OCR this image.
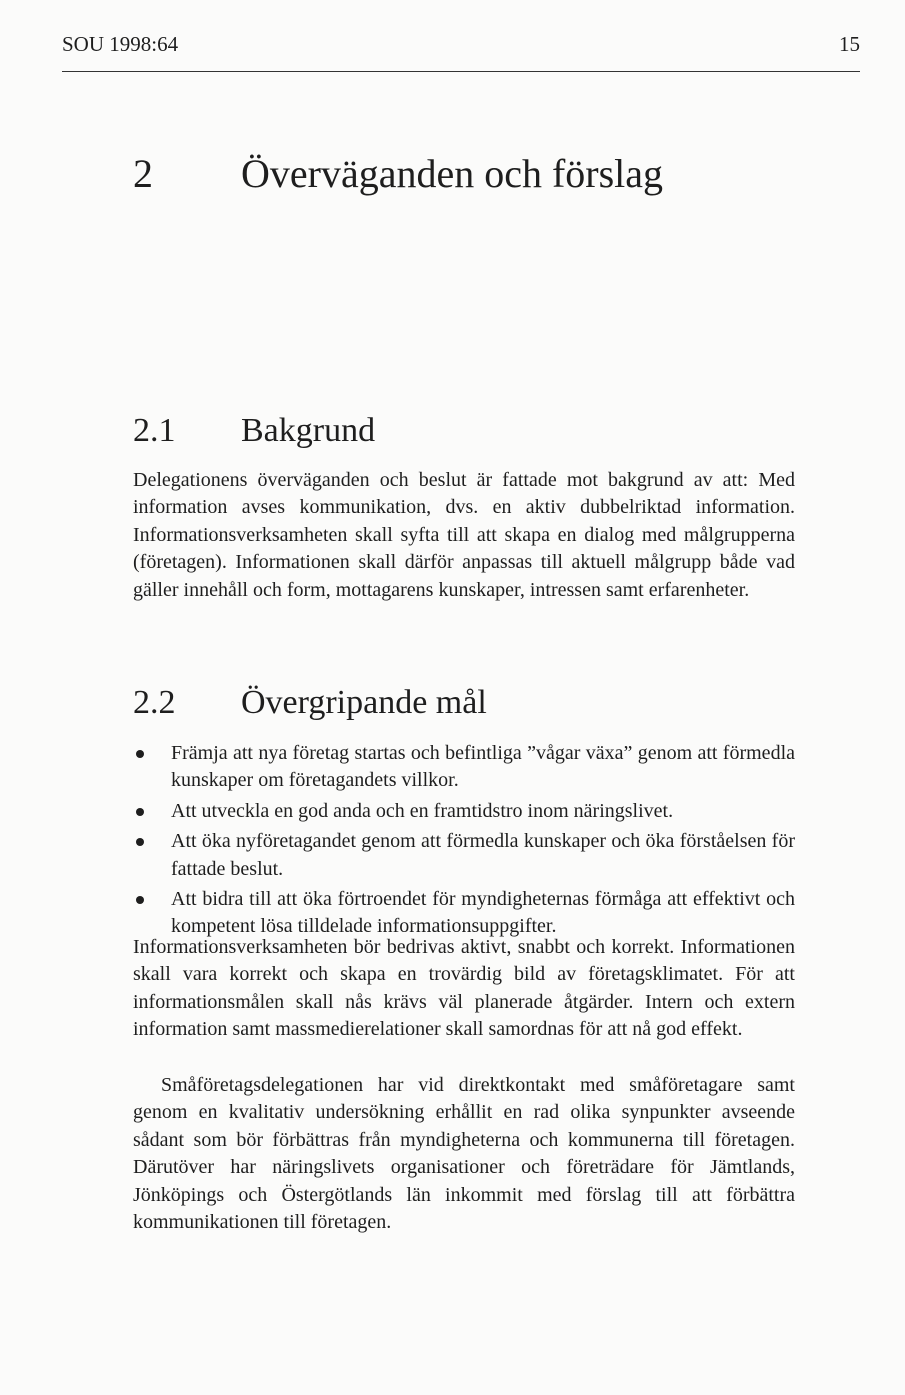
SOU 1998:64	15
2 Överväganden och förslag
2.1 Bakgrund

Delegationens överväganden och beslut är fattade mot bakgrund av att: Med information avses kommunikation, dvs. en aktiv dubbelriktad information. Informationsverksamheten skall syfta till att skapa en dialog med målgrupperna (företagen). Informationen skall därför anpassas till aktuell målgrupp både vad gäller innehåll och form, mottagarens kunskaper, intressen samt erfarenheter.

2.2 Övergripande mål
Främja att nya företag startas och befintliga ”vågar växa” genom att förmedla kunskaper om företagandets villkor.
Att utveckla en god anda och en framtidstro inom näringslivet.
Att öka nyföretagandet genom att förmedla kunskaper och öka förståelsen för fattade beslut.
Att bidra till att öka förtroendet för myndigheternas förmåga att effektivt och kompetent lösa tilldelade informationsuppgifter.

Informationsverksamheten bör bedrivas aktivt, snabbt och korrekt. Informationen skall vara korrekt och skapa en trovärdig bild av företagsklimatet. För att informationsmålen skall nås krävs väl planerade åtgärder. Intern och extern information samt massmedierelationer skall samordnas för att nå god effekt.

Småföretagsdelegationen har vid direktkontakt med småföretagare samt genom en kvalitativ undersökning erhållit en rad olika synpunkter avseende sådant som bör förbättras från myndigheterna och kommunerna till företagen. Därutöver har näringslivets organisationer och företrädare för Jämtlands, Jönköpings och Östergötlands län inkommit med förslag till att förbättra kommunikationen till företagen.
